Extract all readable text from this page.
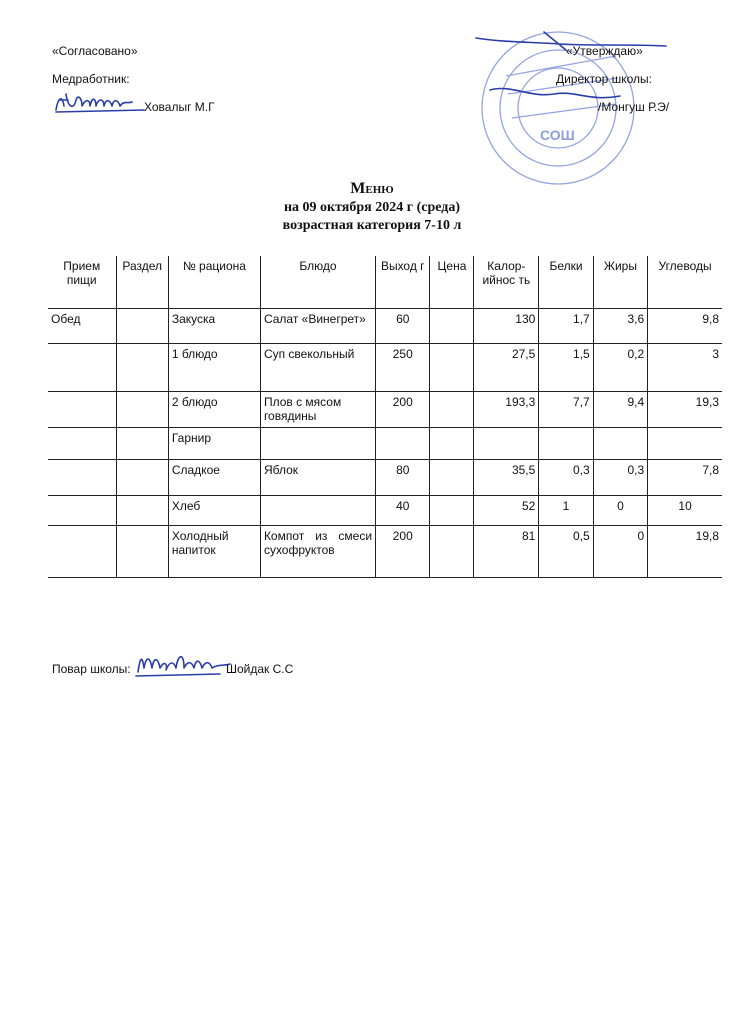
«Согласовано»
Медработник:
Ховалыг М.Г
СОШ
«Утверждаю»
Директор школы:
/Монгуш Р.Э/
Меню
на 09 октября 2024 г (среда)
возрастная категория 7-10 л
Прием пищи	Раздел	№ рациона	Блюдо	Выход г	Цена	Калор-ийнос ть	Белки	Жиры	Углеводы
Обед		Закуска	Салат «Винегрет»	60		130	1,7	3,6	9,8
		1 блюдо	Суп свекольный	250		27,5	1,5	0,2	3
		2 блюдо	Плов с мясом говядины	200		193,3	7,7	9,4	19,3
		Гарнир							
		Сладкое	Яблок	80		35,5	0,3	0,3	7,8
		Хлеб		40		52	1	0	10
		Холодный напиток	Компот из смеси сухофруктов	200		81	0,5	0	19,8
Повар школы:	Шойдак С.С
